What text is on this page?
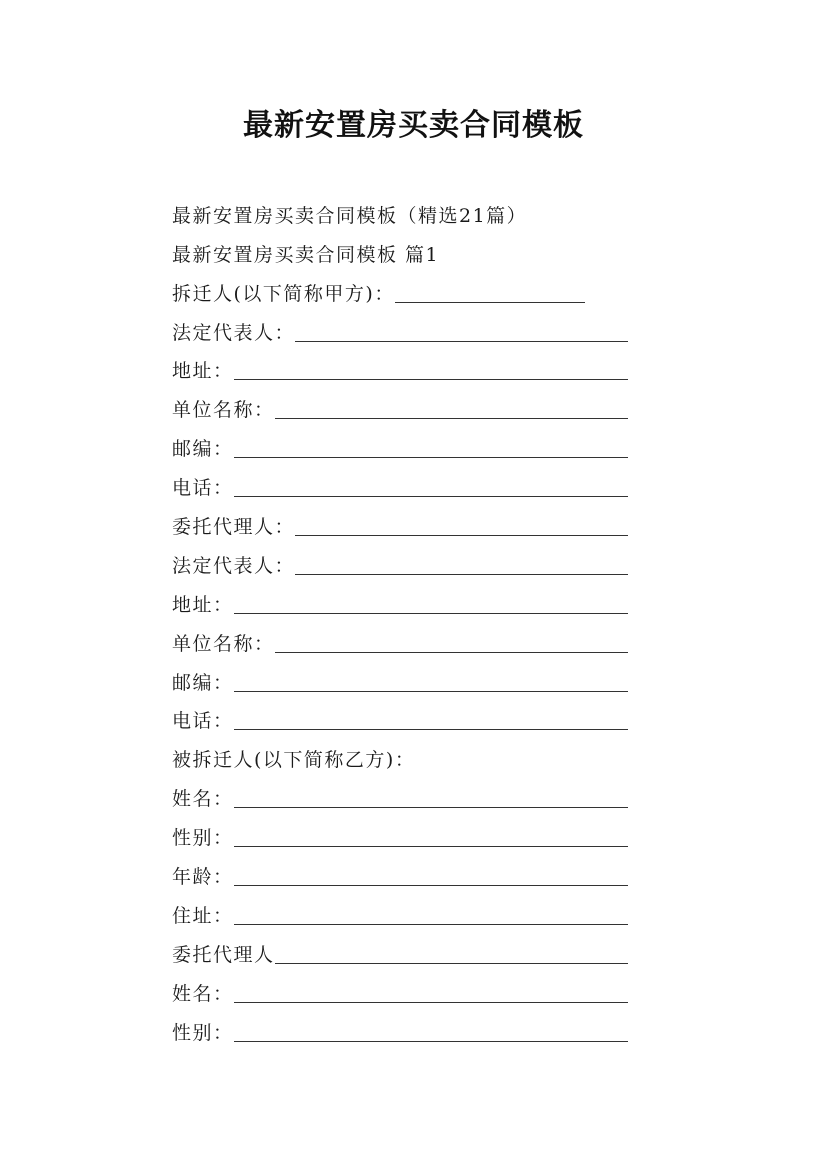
最新安置房买卖合同模板
最新安置房买卖合同模板（精选21篇）
最新安置房买卖合同模板 篇1
拆迁人(以下简称甲方)：
法定代表人：
地址：
单位名称：
邮编：
电话：
委托代理人：
法定代表人：
地址：
单位名称：
邮编：
电话：
被拆迁人(以下简称乙方)：
姓名：
性别：
年龄：
住址：
委托代理人
姓名：
性别：
